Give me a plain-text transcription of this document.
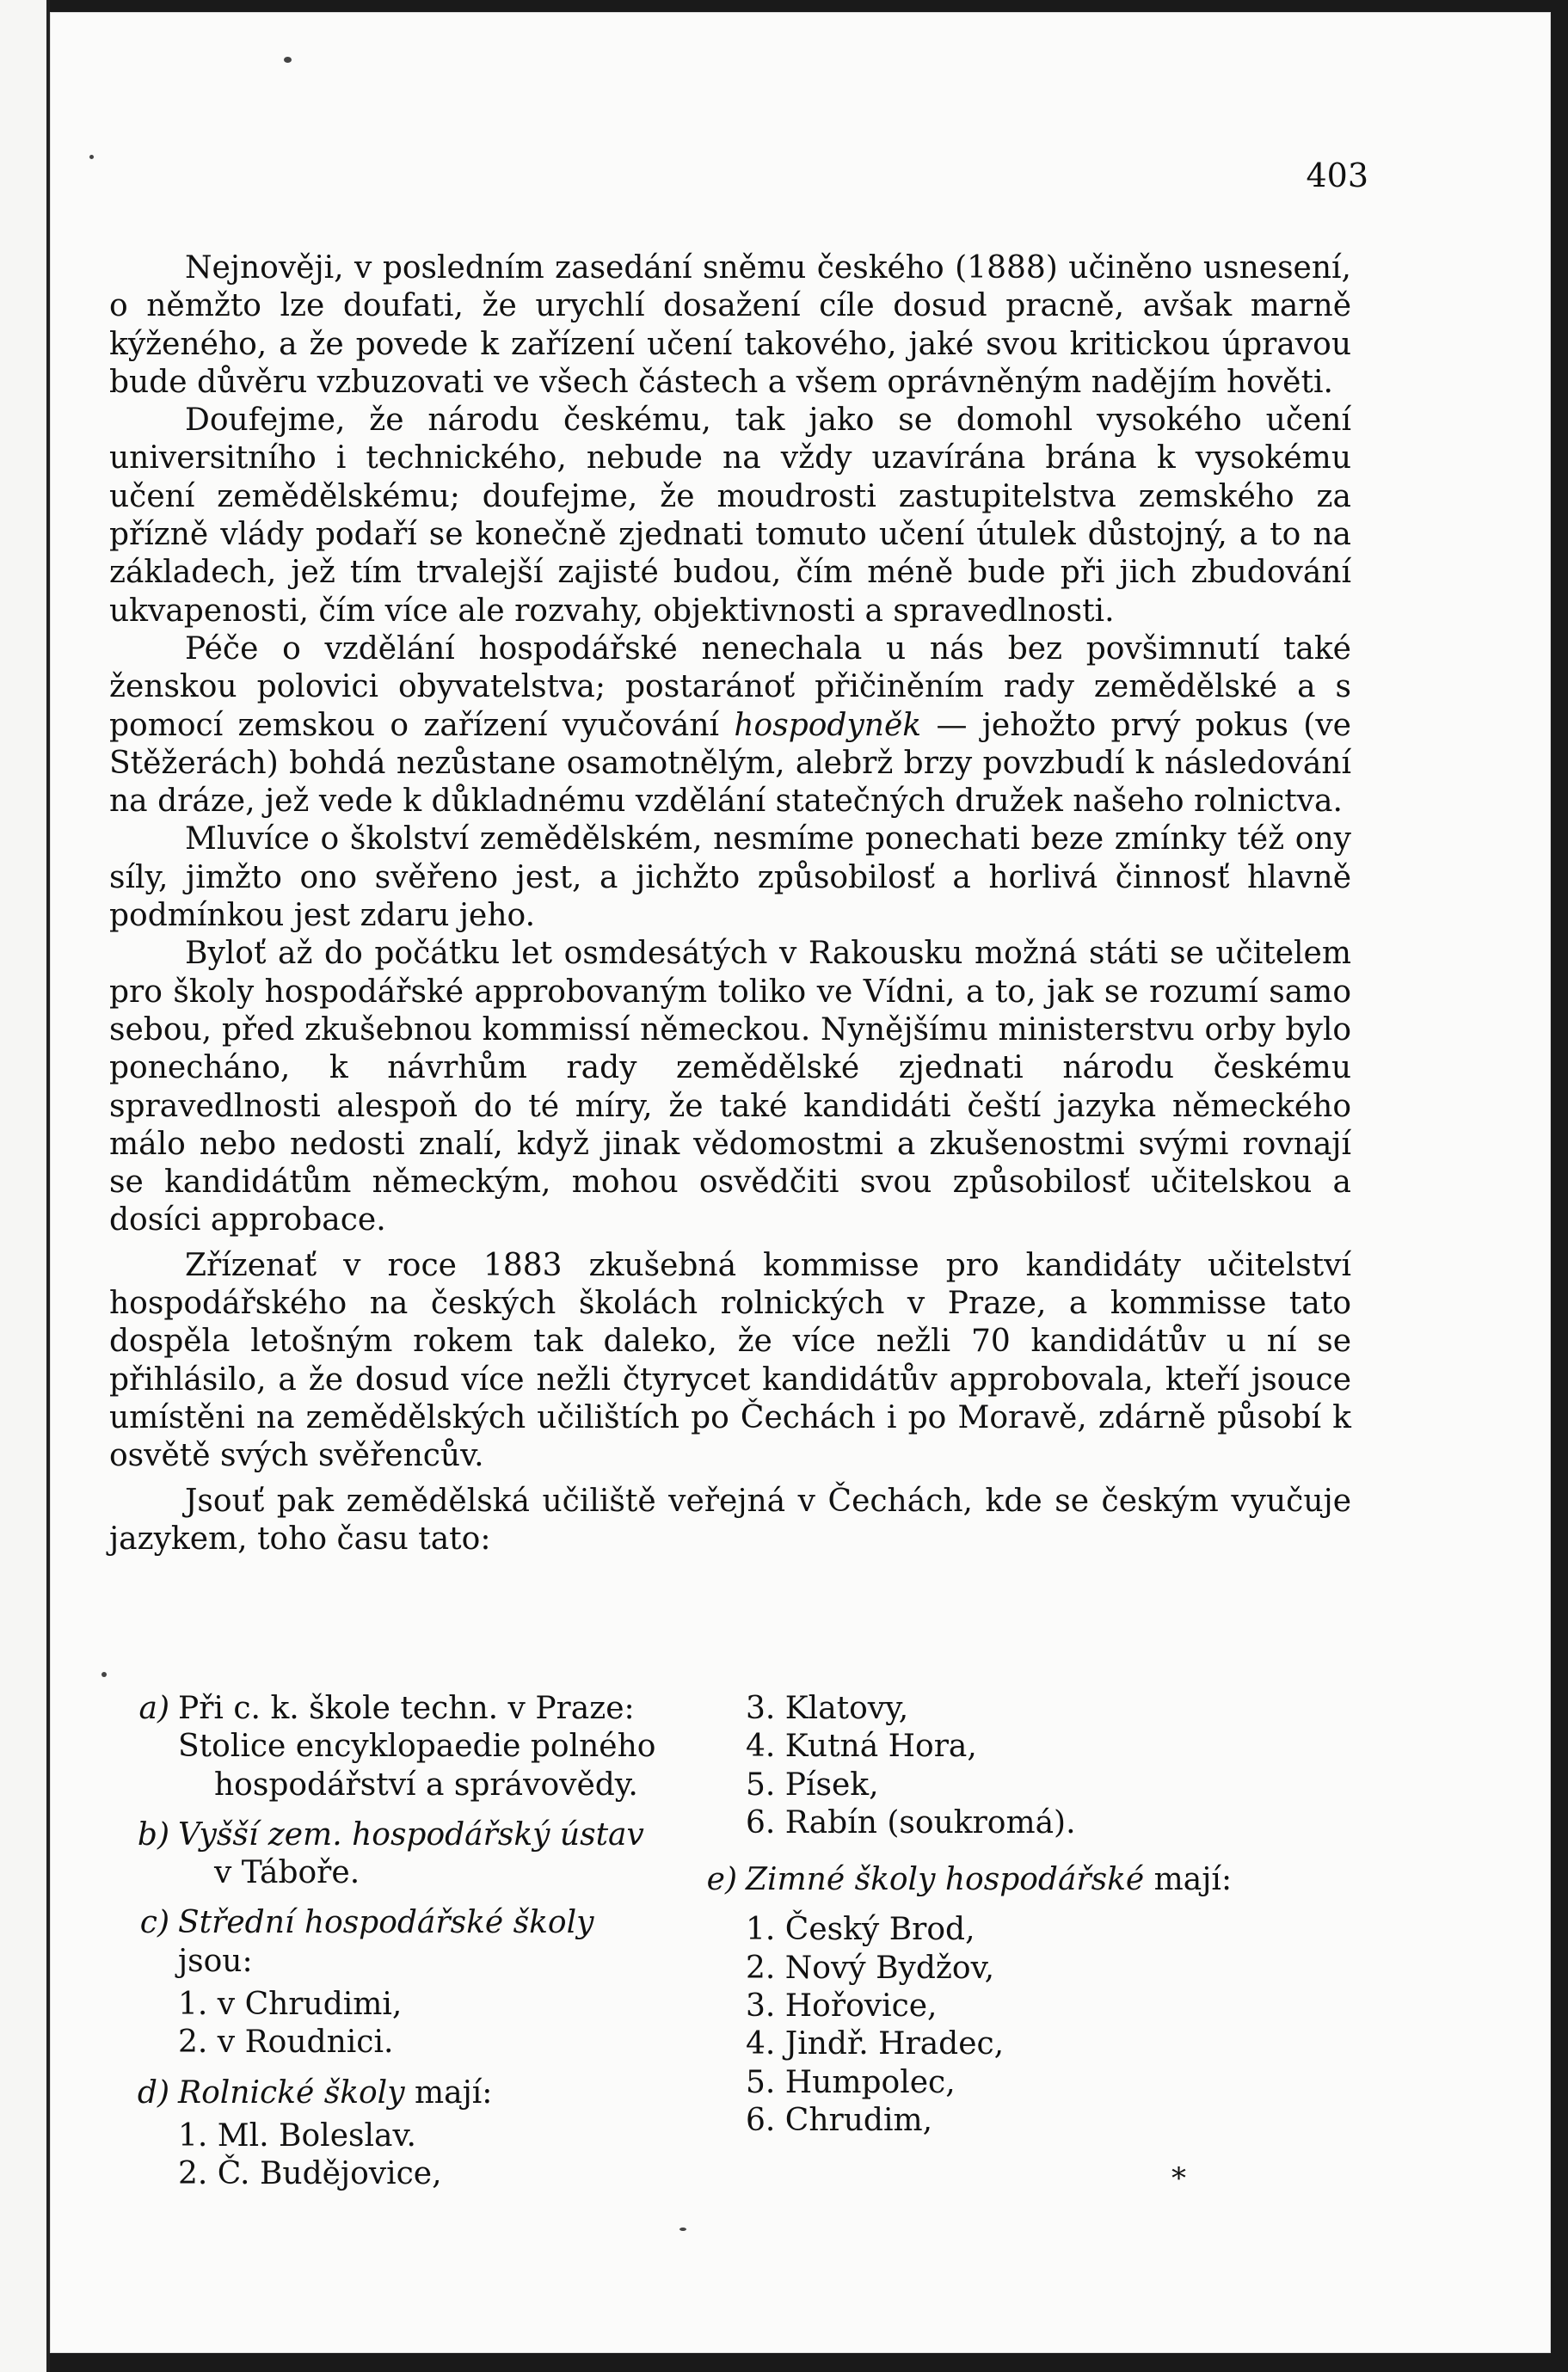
403

Nejnověji, v posledním zasedání sněmu českého (1888) učiněno usnesení, o němžto lze doufati, že urychlí dosažení cíle dosud pracně, avšak marně kýženého, a že povede k zařízení učení takového, jaké svou kritickou úpravou bude důvěru vzbuzovati ve všech částech a všem oprávněným nadějím hověti.

Doufejme, že národu českému, tak jako se domohl vysokého učení universitního i technického, nebude na vždy uzavírána brána k vysokému učení zemědělskému; doufejme, že moudrosti zastupitelstva zemského za přízně vlády podaří se konečně zjednati tomuto učení útulek důstojný, a to na základech, jež tím trvalejší zajisté budou, čím méně bude při jich zbudování ukvapenosti, čím více ale rozvahy, objektivnosti a spravedlnosti.

Péče o vzdělání hospodářské nenechala u nás bez povšimnutí také ženskou polovici obyvatelstva; postaránoť přičiněním rady zemědělské a s pomocí zemskou o zařízení vyučování hospodyněk — jehožto prvý pokus (ve Stěžerách) bohdá nezůstane osamotnělým, alebrž brzy povzbudí k následování na dráze, jež vede k důkladnému vzdělání statečných družek našeho rolnictva.

Mluvíce o školství zemědělském, nesmíme ponechati beze zmínky též ony síly, jimžto ono svěřeno jest, a jichžto způsobilosť a horlivá činnosť hlavně podmínkou jest zdaru jeho.

Byloť až do počátku let osmdesátých v Rakousku možná státi se učitelem pro školy hospodářské approbovaným toliko ve Vídni, a to, jak se rozumí samo sebou, před zkušebnou kommissí německou. Nynějšímu ministerstvu orby bylo ponecháno, k návrhům rady zemědělské zjednati národu českému spravedlnosti alespoň do té míry, že také kandidáti čeští jazyka německého málo nebo nedosti znalí, když jinak vědomostmi a zkušenostmi svými rovnají se kandidátům německým, mohou osvědčiti svou způsobilosť učitelskou a dosíci approbace.

Zřízenať v roce 1883 zkušebná kommisse pro kandidáty učitelství hospodářského na českých školách rolnických v Praze, a kommisse tato dospěla letošným rokem tak daleko, že více nežli 70 kandidátův u ní se přihlásilo, a že dosud více nežli čtyrycet kandidátův approbovala, kteří jsouce umístěni na zemědělských učilištích po Čechách i po Moravě, zdárně působí k osvětě svých svěřencův.

Jsouť pak zemědělská učiliště veřejná v Čechách, kde se českým vyučuje jazykem, toho času tato:

a) Při c. k. škole techn. v Praze:
Stolice encyklopaedie polného
hospodářství a správovědy.
b) Vyšší zem. hospodářský ústav
v Táboře.
c) Střední hospodářské školy jsou:
1. v Chrudimi,
2. v Roudnici.
d) Rolnické školy mají:
1. Ml. Boleslav.
2. Č. Budějovice,
3. Klatovy,
4. Kutná Hora,
5. Písek,
6. Rabín (soukromá).
e) Zimné školy hospodářské mají:
1. Český Brod,
2. Nový Bydžov,
3. Hořovice,
4. Jindř. Hradec,
5. Humpolec,
6. Chrudim,
*
